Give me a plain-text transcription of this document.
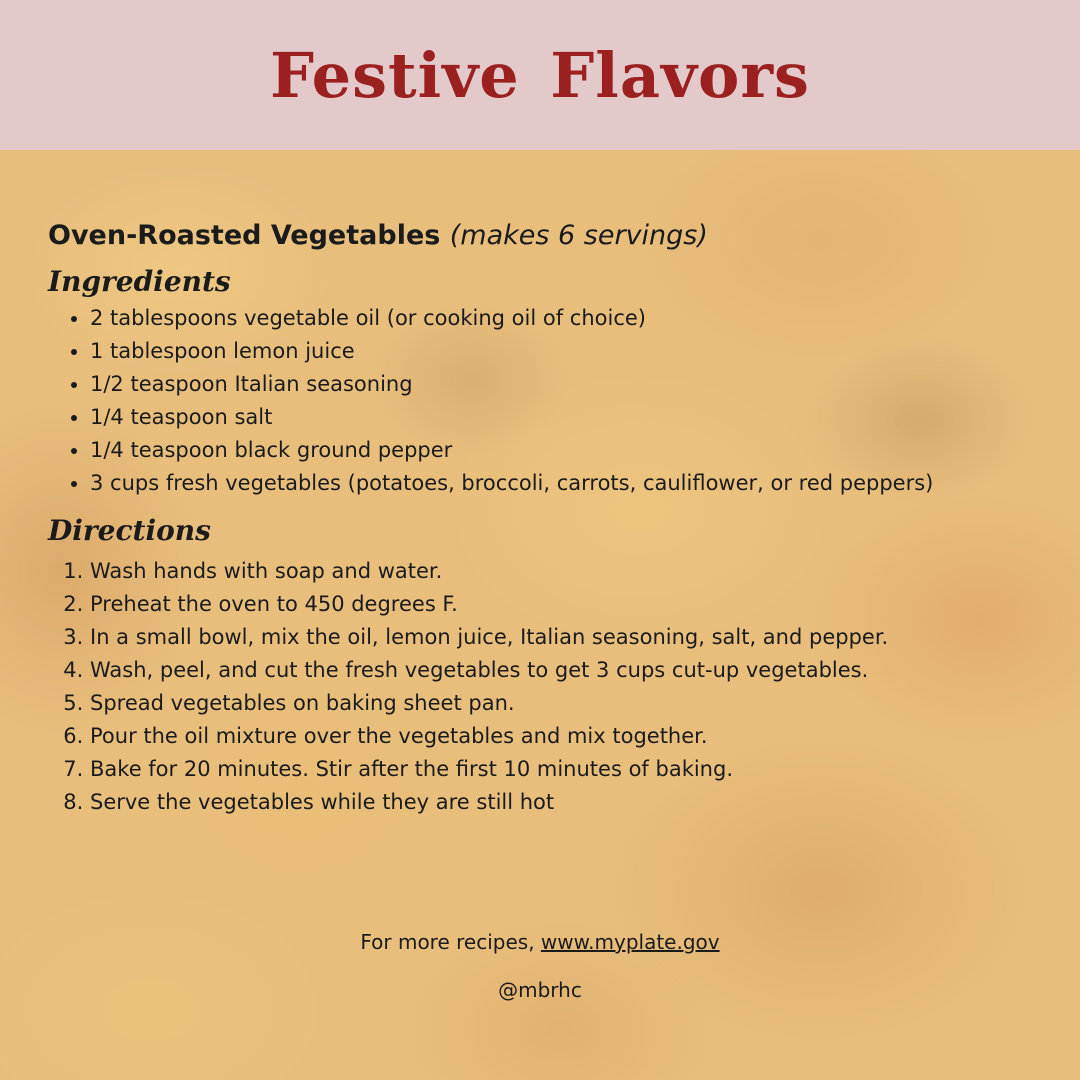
Festive Flavors
Oven-Roasted Vegetables (makes 6 servings)
Ingredients
• 2 tablespoons vegetable oil (or cooking oil of choice)
• 1 tablespoon lemon juice
• 1/2 teaspoon Italian seasoning
• 1/4 teaspoon salt
• 1/4 teaspoon black ground pepper
• 3 cups fresh vegetables (potatoes, broccoli, carrots, cauliflower, or red peppers)
Directions
1. Wash hands with soap and water.
2. Preheat the oven to 450 degrees F.
3. In a small bowl, mix the oil, lemon juice, Italian seasoning, salt, and pepper.
4. Wash, peel, and cut the fresh vegetables to get 3 cups cut-up vegetables.
5. Spread vegetables on baking sheet pan.
6. Pour the oil mixture over the vegetables and mix together.
7. Bake for 20 minutes. Stir after the first 10 minutes of baking.
8. Serve the vegetables while they are still hot

For more recipes, www.myplate.gov

@mbrhc
